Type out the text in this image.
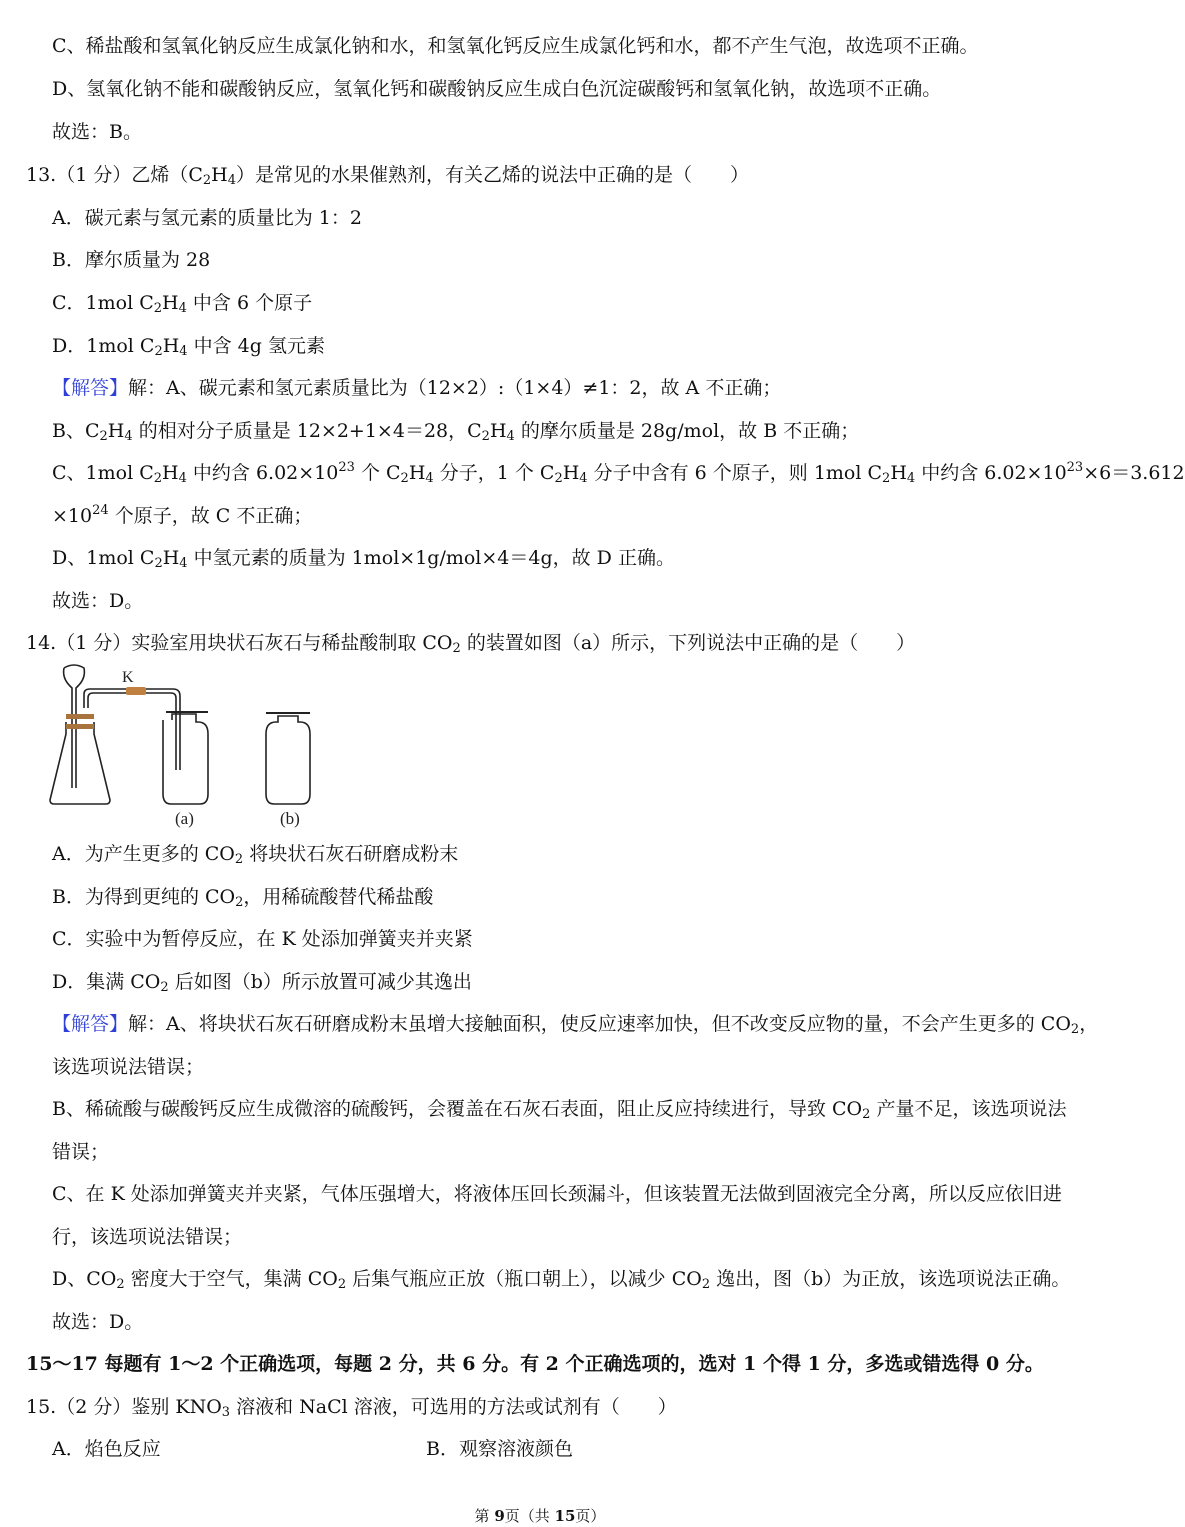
C、稀盐酸和氢氧化钠反应生成氯化钠和水，和氢氧化钙反应生成氯化钙和水，都不产生气泡，故选项不正确。
D、氢氧化钠不能和碳酸钠反应，氢氧化钙和碳酸钠反应生成白色沉淀碳酸钙和氢氧化钠，故选项不正确。
故选：B。
13.（1 分）乙烯$(C_2H_4)$是常见的水果催熟剂，有关乙烯的说法中正确的是（　　）
A．碳元素与氢元素的质量比为 1：2
B．摩尔质量为 28
C．1mol $C_2H_4$ 中含 6 个原子
D．1mol $C_2H_4$ 中含 4g 氢元素
【解答】解：A、碳元素和氢元素质量比为（12×2）:（1×4）≠1：2，故 A 不正确；
B、$C_2H_4$ 的相对分子质量是 12×2+1×4＝28，$C_2H_4$ 的摩尔质量是 28g/mol，故 B 不正确；
C、1mol $C_2H_4$ 中约含 $6.02\times 10^{23}$ 个 $C_2H_4$ 分子，1 个 $C_2H_4$ 分子中含有 6 个原子，则 1mol $C_2H_4$ 中约含 $6.02\times 10^{23}\times 6=3.612$
$\times 10^{24}$ 个原子，故 C 不正确；
D、1mol $C_2H_4$ 中氢元素的质量为 1mol×1g/mol×4＝4g，故 D 正确。
故选：D。
14.（1 分）实验室用块状石灰石与稀盐酸制取 $CO_2$ 的装置如图（a）所示，下列说法中正确的是（　　）
K
(a)	(b)
A．为产生更多的 $CO_2$ 将块状石灰石研磨成粉末
B．为得到更纯的 $CO_2$，用稀硫酸替代稀盐酸
C．实验中为暂停反应，在 K 处添加弹簧夹并夹紧
D．集满 $CO_2$ 后如图（b）所示放置可减少其逸出
【解答】解：A、将块状石灰石研磨成粉末虽增大接触面积，使反应速率加快，但不改变反应物的量，不会产生更多的 $CO_2$，
该选项说法错误；
B、稀硫酸与碳酸钙反应生成微溶的硫酸钙，会覆盖在石灰石表面，阻止反应持续进行，导致 $CO_2$ 产量不足，该选项说法
错误；
C、在 K 处添加弹簧夹并夹紧，气体压强增大，将液体压回长颈漏斗，但该装置无法做到固液完全分离，所以反应依旧进
行，该选项说法错误；
D、$CO_2$ 密度大于空气，集满 $CO_2$ 后集气瓶应正放（瓶口朝上），以减少 $CO_2$ 逸出，图（b）为正放，该选项说法正确。
故选：D。
15～17 每题有 1～2 个正确选项，每题 2 分，共 6 分。有 2 个正确选项的，选对 1 个得 1 分，多选或错选得 0 分。
15.（2 分）鉴别 $KNO_3$ 溶液和 NaCl 溶液，可选用的方法或试剂有（　　）
A．焰色反应	B．观察溶液颜色
第 9页（共 15页）
